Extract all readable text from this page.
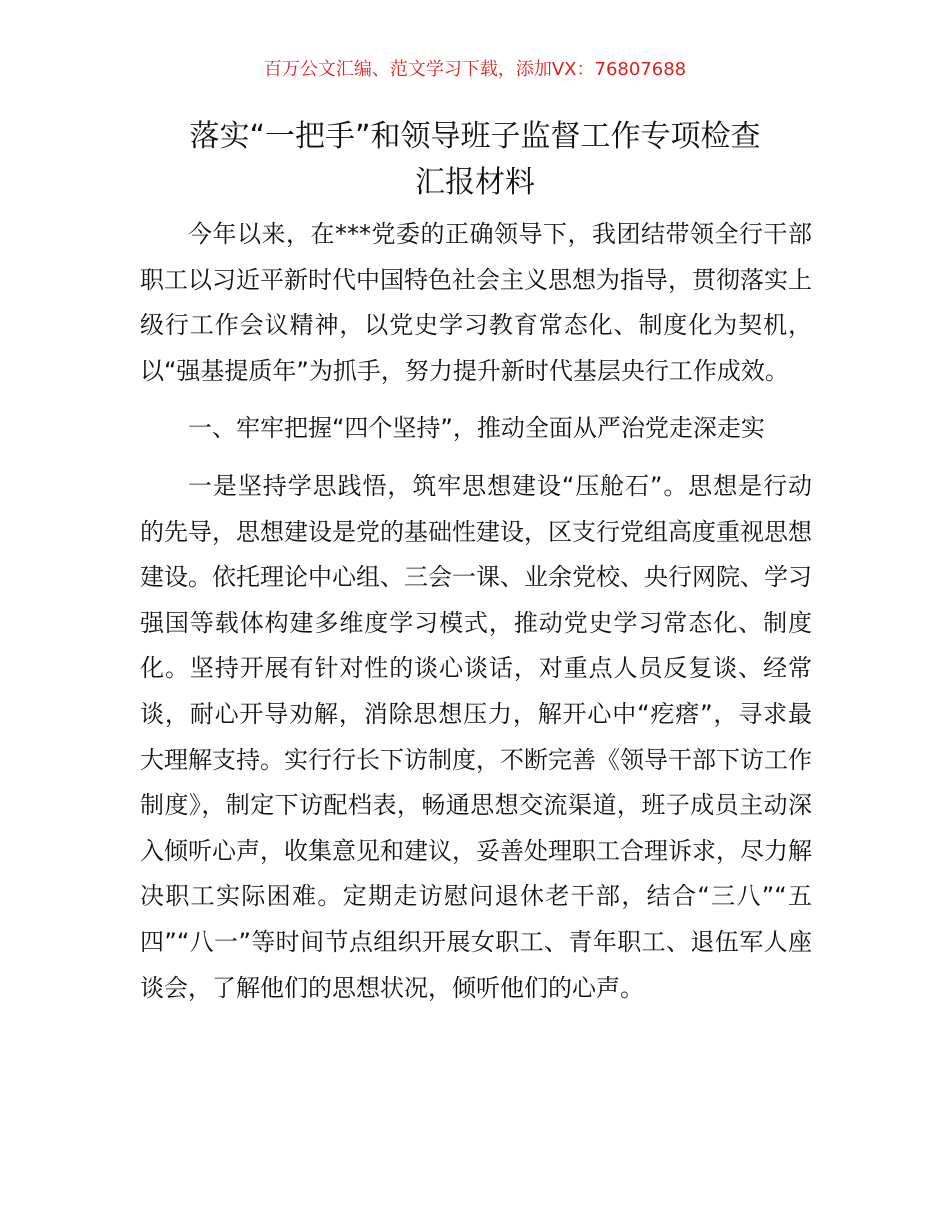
百万公文汇编、范文学习下载，添加VX：76807688
落实“一把手”和领导班子监督工作专项检查
汇报材料

今年以来，在***党委的正确领导下，我团结带领全行干部职工以习近平新时代中国特色社会主义思想为指导，贯彻落实上级行工作会议精神，以党史学习教育常态化、制度化为契机，以“强基提质年”为抓手，努力提升新时代基层央行工作成效。

一、牢牢把握“四个坚持”，推动全面从严治党走深走实

一是坚持学思践悟，筑牢思想建设“压舱石”。思想是行动的先导，思想建设是党的基础性建设，区支行党组高度重视思想建设。依托理论中心组、三会一课、业余党校、央行网院、学习强国等载体构建多维度学习模式，推动党史学习常态化、制度化。坚持开展有针对性的谈心谈话，对重点人员反复谈、经常谈，耐心开导劝解，消除思想压力，解开心中“疙瘩”，寻求最大理解支持。实行行长下访制度，不断完善《领导干部下访工作制度》，制定下访配档表，畅通思想交流渠道，班子成员主动深入倾听心声，收集意见和建议，妥善处理职工合理诉求，尽力解决职工实际困难。定期走访慰问退休老干部，结合“三八”“五四”“八一”等时间节点组织开展女职工、青年职工、退伍军人座谈会，了解他们的思想状况，倾听他们的心声。
